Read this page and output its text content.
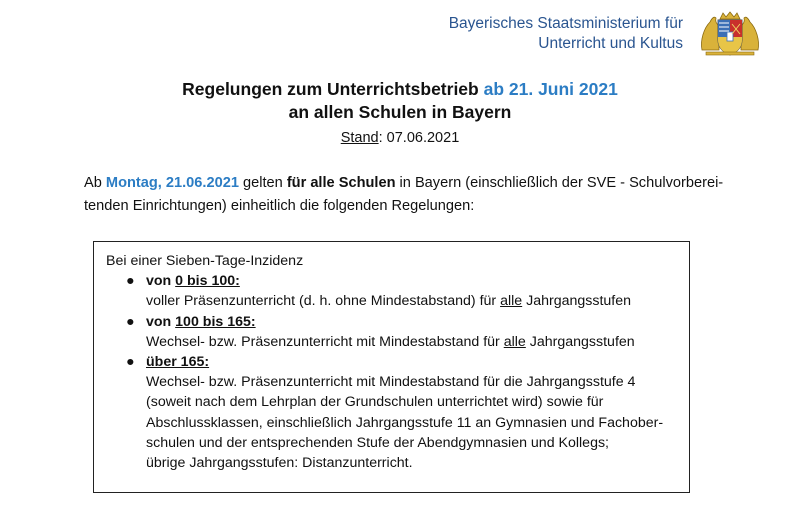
Bayerisches Staatsministerium für
Unterricht und Kultus
Regelungen zum Unterrichtsbetrieb ab 21. Juni 2021
an allen Schulen in Bayern
Stand: 07.06.2021
Ab Montag, 21.06.2021 gelten für alle Schulen in Bayern (einschließlich der SVE - Schulvorberei-
tenden Einrichtungen) einheitlich die folgenden Regelungen:
Bei einer Sieben-Tage-Inzidenz
● von 0 bis 100:
voller Präsenzunterricht (d. h. ohne Mindestabstand) für alle Jahrgangsstufen
● von 100 bis 165:
Wechsel- bzw. Präsenzunterricht mit Mindestabstand für alle Jahrgangsstufen
● über 165:
Wechsel- bzw. Präsenzunterricht mit Mindestabstand für die Jahrgangsstufe 4
(soweit nach dem Lehrplan der Grundschulen unterrichtet wird) sowie für
Abschlussklassen, einschließlich Jahrgangsstufe 11 an Gymnasien und Fachober-
schulen und der entsprechenden Stufe der Abendgymnasien und Kollegs;
übrige Jahrgangsstufen: Distanzunterricht.
